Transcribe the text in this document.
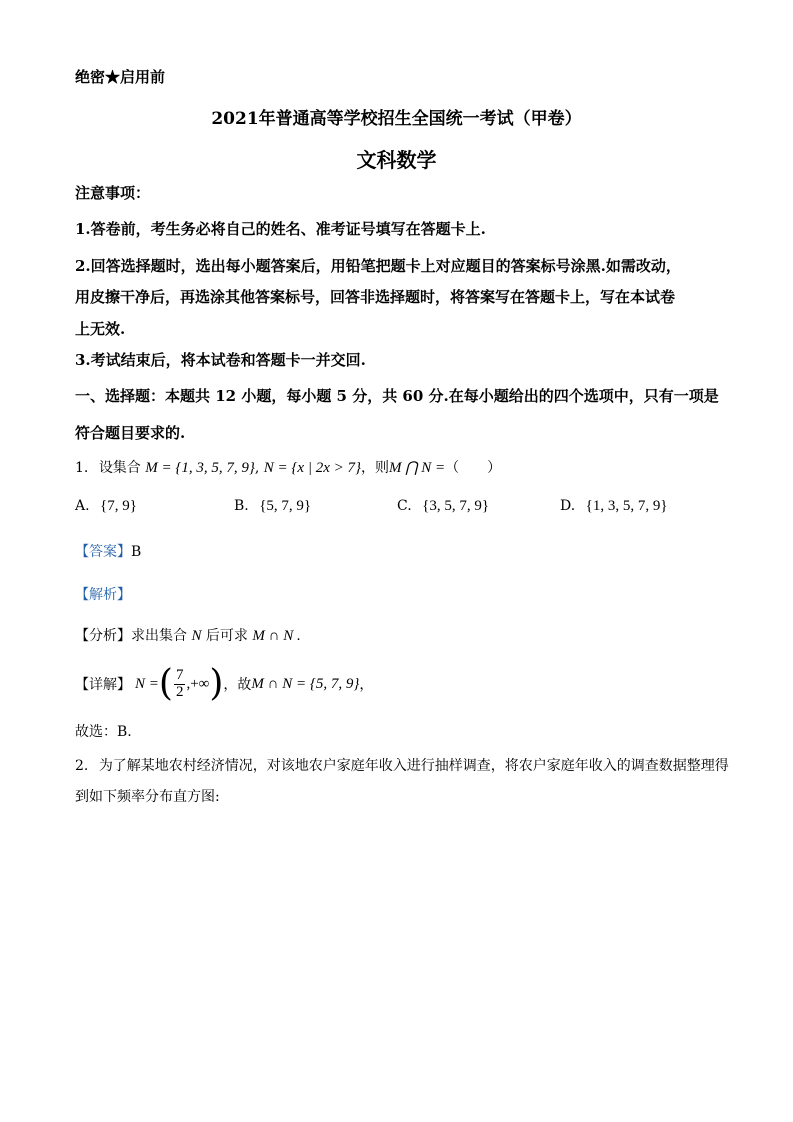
绝密★启用前
2021年普通高等学校招生全国统一考试（甲卷）
文科数学
注意事项：
1.答卷前，考生务必将自己的姓名、准考证号填写在答题卡上.
2.回答选择题时，选出每小题答案后，用铅笔把题卡上对应题目的答案标号涂黑.如需改动，
用皮擦干净后，再选涂其他答案标号，回答非选择题时，将答案写在答题卡上，写在本试卷
上无效.
3.考试结束后，将本试卷和答题卡一并交回.
一、选择题：本题共 12 小题，每小题 5 分，共 60 分.在每小题给出的四个选项中，只有一项是
符合题目要求的.
1. 设集合 M = {1, 3, 5, 7, 9}, N = {x | 2x > 7}，则M ⋂ N =（　　）
A. {7, 9}	B. {5, 7, 9}	C. {3, 5, 7, 9}	D. {1, 3, 5, 7, 9}
【答案】B
【解析】
【分析】求出集合 N 后可求 M ∩ N .
【详解】 N = ( $\frac{7}{2}$ ,+∞ ) ，故 M ∩ N = {5, 7, 9} ，
故选：B.
2. 为了解某地农村经济情况，对该地农户家庭年收入进行抽样调查，将农户家庭年收入的调查数据整理得
到如下频率分布直方图:
